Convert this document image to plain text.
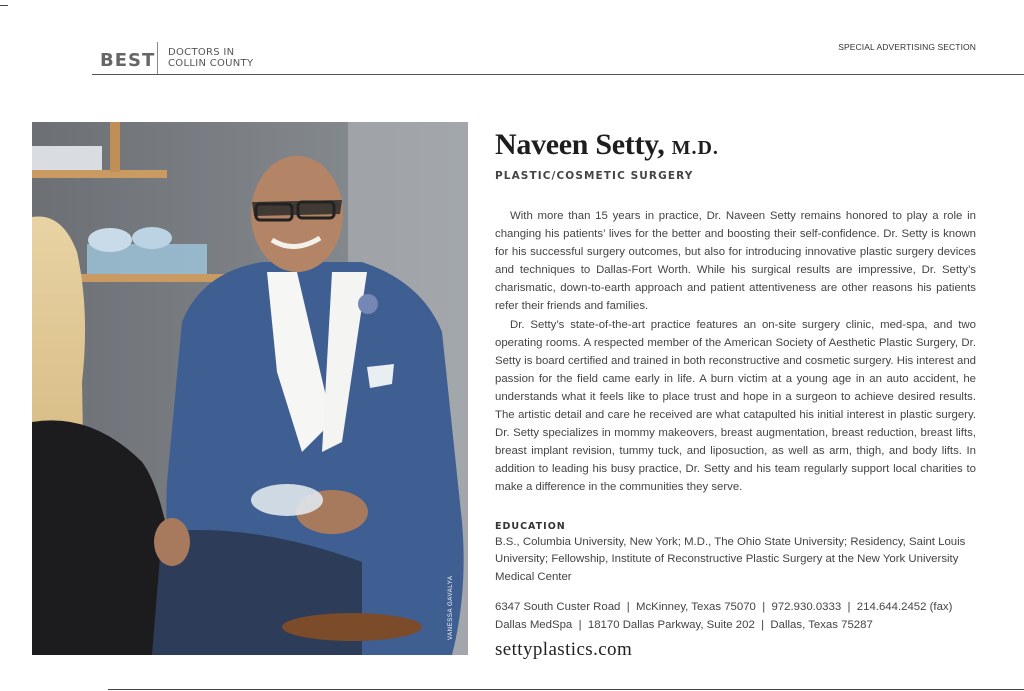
BEST DOCTORS IN
COLLIN COUNTY
SPECIAL ADVERTISING SECTION
VANESSA GAVALYA
Naveen Setty, M.D.
PLASTIC/COSMETIC SURGERY

With more than 15 years in practice, Dr. Naveen Setty remains honored to play a role in changing his patients’ lives for the better and boosting their self-confidence. Dr. Setty is known for his successful surgery outcomes, but also for introducing innovative plastic surgery devices and techniques to Dallas-Fort Worth. While his surgical results are impressive, Dr. Setty’s charismatic, down-to-earth approach and patient attentiveness are other reasons his patients refer their friends and families.

Dr. Setty’s state-of-the-art practice features an on-site surgery clinic, med-spa, and two operating rooms. A respected member of the American Society of Aesthetic Plastic Surgery, Dr. Setty is board certified and trained in both reconstructive and cosmetic surgery. His interest and passion for the field came early in life. A burn victim at a young age in an auto accident, he understands what it feels like to place trust and hope in a surgeon to achieve desired results. The artistic detail and care he received are what catapulted his initial interest in plastic surgery. Dr. Setty specializes in mommy makeovers, breast augmentation, breast reduction, breast lifts, breast implant revision, tummy tuck, and liposuction, as well as arm, thigh, and body lifts. In addition to leading his busy practice, Dr. Setty and his team regularly support local charities to make a difference in the communities they serve.

EDUCATION
B.S., Columbia University, New York; M.D., The Ohio State University; Residency, Saint Louis University; Fellowship, Institute of Reconstructive Plastic Surgery at the New York University Medical Center
6347 South Custer Road  |  McKinney, Texas 75070  |  972.930.0333  |  214.644.2452 (fax)
Dallas MedSpa  |  18170 Dallas Parkway, Suite 202  |  Dallas, Texas 75287
settyplastics.com
